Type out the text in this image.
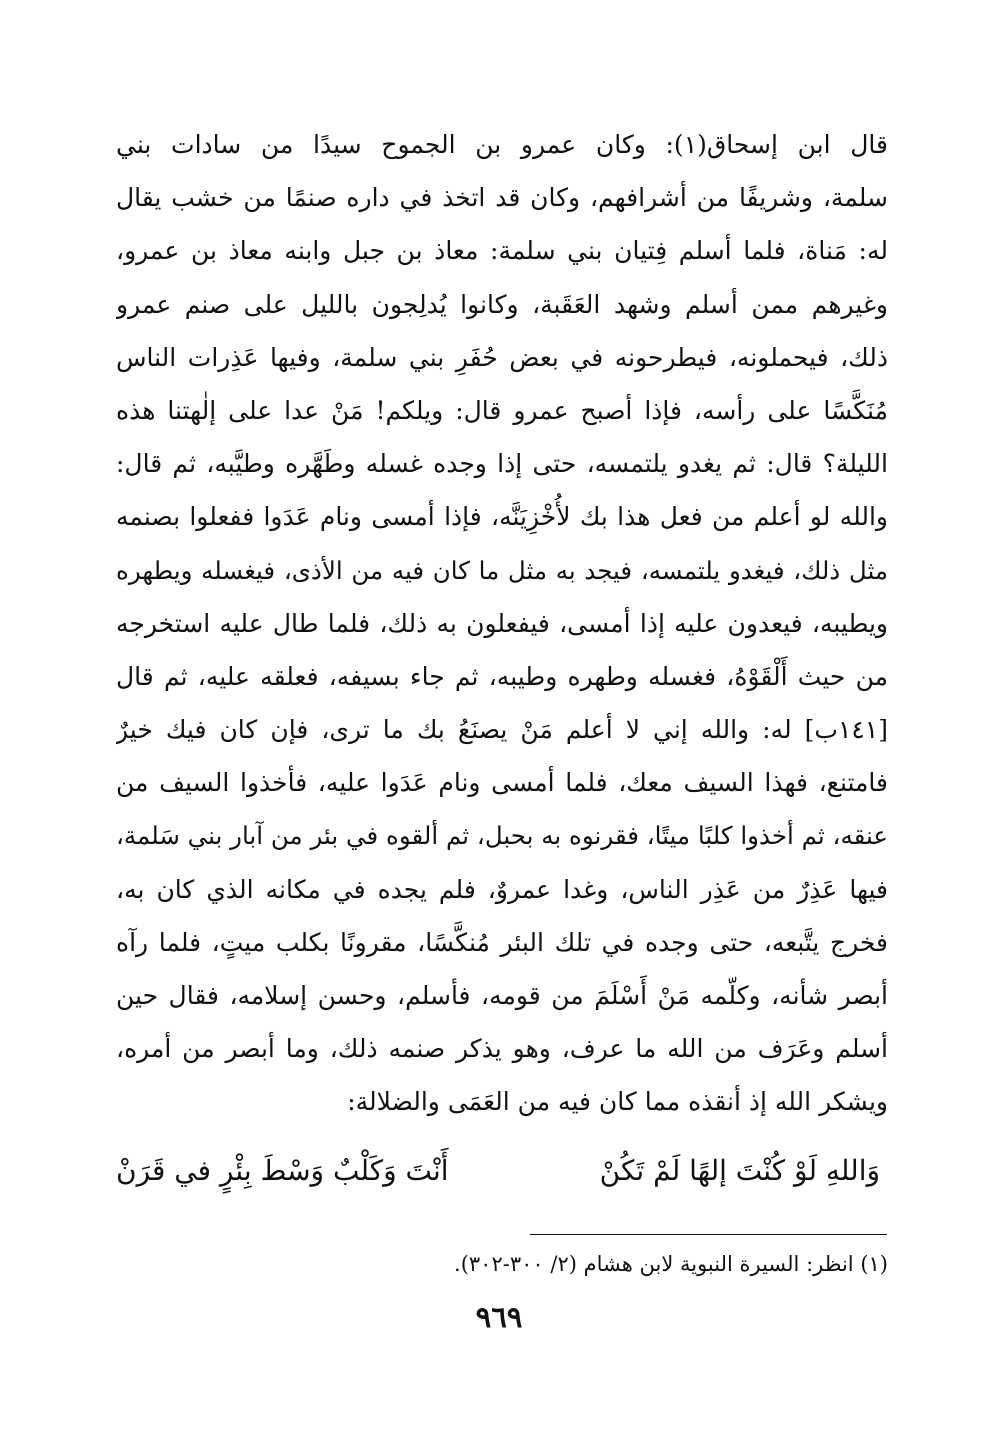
قال ابن إسحاق(١): وكان عمرو بن الجموح سيدًا من سادات بني
سلمة، وشريفًا من أشرافهم، وكان قد اتخذ في داره صنمًا من خشب يقال
له: مَناة، فلما أسلم فِتيان بني سلمة: معاذ بن جبل وابنه معاذ بن عمرو،
وغيرهم ممن أسلم وشهد العَقَبة، وكانوا يُدلِجون بالليل على صنم عمرو
ذلك، فيحملونه، فيطرحونه في بعض حُفَرِ بني سلمة، وفيها عَذِرات الناس
مُنَكَّسًا على رأسه، فإذا أصبح عمرو قال: ويلكم! مَنْ عدا على إلٰهتنا هذه
الليلة؟ قال: ثم يغدو يلتمسه، حتى إذا وجده غسله وطَهَّره وطيَّبه، ثم قال:
والله لو أعلم من فعل هذا بك لأُخْزِيَنَّه، فإذا أمسى ونام عَدَوا ففعلوا بصنمه
مثل ذلك، فيغدو يلتمسه، فيجد به مثل ما كان فيه من الأذى، فيغسله ويطهره
ويطيبه، فيعدون عليه إذا أمسى، فيفعلون به ذلك، فلما طال عليه استخرجه
من حيث أَلْقَوْهُ، فغسله وطهره وطيبه، ثم جاء بسيفه، فعلقه عليه، ثم قال
[١٤١ب] له: والله إني لا أعلم مَنْ يصنَعُ بك ما ترى، فإن كان فيك خيرٌ
فامتنع، فهذا السيف معك، فلما أمسى ونام عَدَوا عليه، فأخذوا السيف من
عنقه، ثم أخذوا كلبًا ميتًا، فقرنوه به بحبل، ثم ألقوه في بئر من آبار بني سَلمة،
فيها عَذِرٌ من عَذِر الناس، وغدا عمروٌ، فلم يجده في مكانه الذي كان به،
فخرج يتَّبعه، حتى وجده في تلك البئر مُنكَّسًا، مقرونًا بكلب ميتٍ، فلما رآه
أبصر شأنه، وكلّمه مَنْ أَسْلَمَ من قومه، فأسلم، وحسن إسلامه، فقال حين
أسلم وعَرَف من الله ما عرف، وهو يذكر صنمه ذلك، وما أبصر من أمره،
ويشكر الله إذ أنقذه مما كان فيه من العَمَى والضلالة:
وَاللهِ لَوْ كُنْتَ إلهًا لَمْ تَكُنْ
أَنْتَ وَكَلْبٌ وَسْطَ بِئْرٍ في قَرَنْ
(١) انظر: السيرة النبوية لابن هشام (٢/ ٣٠٠-٣٠٢).
٩٦٩
